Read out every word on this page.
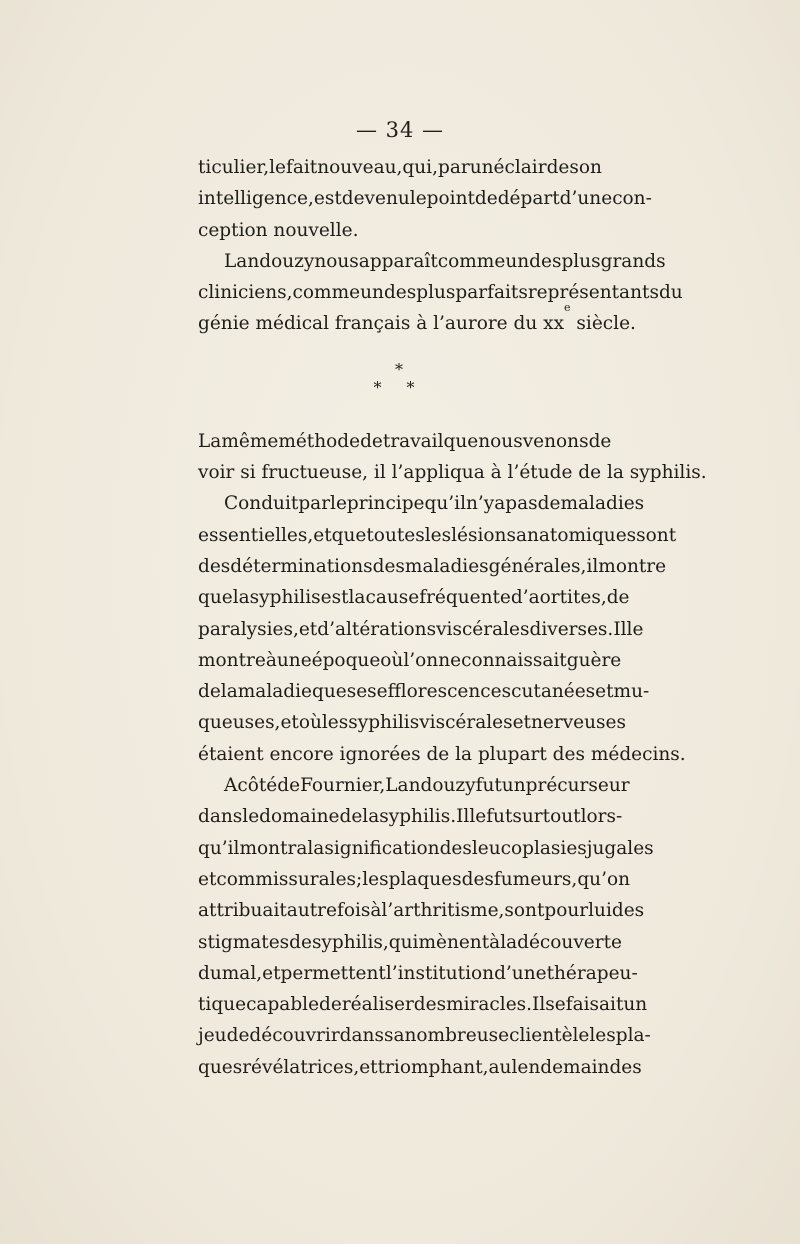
— 34 —
ticulier, le fait nouveau, qui, par un éclair de son
intelligence, est devenu le point de départ d’une con-
ception nouvelle.
Landouzy nous apparaît comme un des plus grands
cliniciens, comme un des plus parfaits représentants du
génie médical français à l’aurore du xx
e
siècle.
*
* *
La même méthode de travail que nous venons de
voir si fructueuse, il l’appliqua à l’étude de la syphilis.
Conduit par le principe qu’il n’y a pas de maladies
essentielles, et que toutes les lésions anatomiques sont
des déterminations des maladies générales, il montre
que la syphilis est la cause fréquente d’aortites, de
paralysies, et d’altérations viscérales diverses. Il le
montre à une époque où l’on ne connaissait guère
de la maladie que ses efflorescences cutanées et mu-
queuses, et où les syphilis viscérales et nerveuses
étaient encore ignorées de la plupart des médecins.
A côté de Fournier, Landouzy fut un précurseur
dans le domaine de la syphilis. Il le fut surtout lors-
qu’il montra la signification des leucoplasies jugales
et commissurales ; les plaques des fumeurs, qu’on
attribuait autrefois à l’arthritisme, sont pour lui des
stigmates de syphilis, qui mènent à la découverte
du mal, et permettent l’institution d’une thérapeu-
tique capable de réaliser des miracles. Il se faisait un
jeu de découvrir dans sa nombreuse clientèle les pla-
ques révélatrices, et triomphant, au lendemain des
